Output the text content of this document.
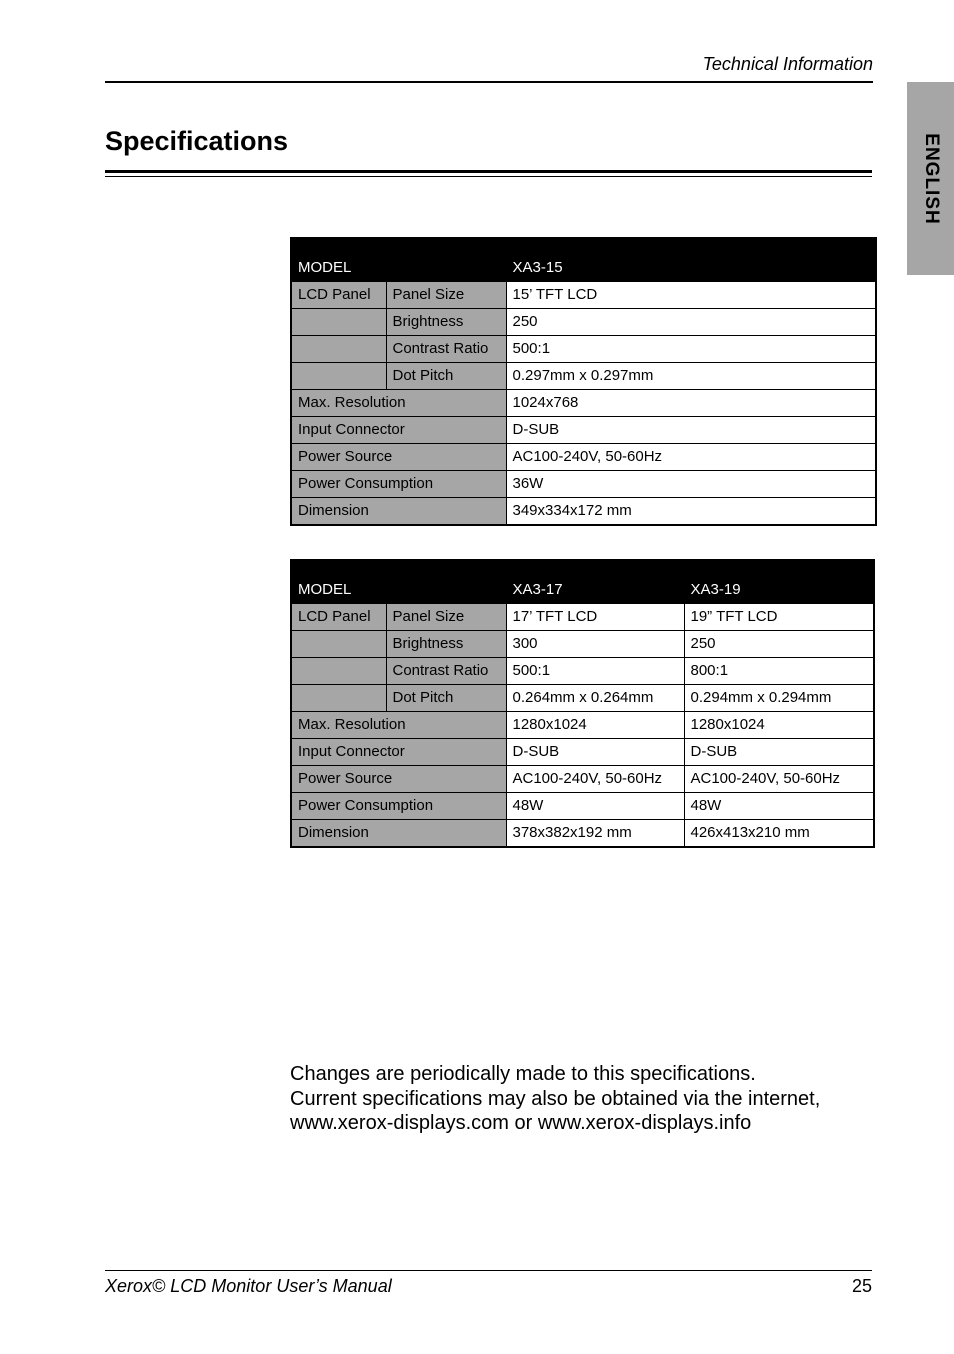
Technical Information
ENGLISH
Specifications
MODEL		XA3-15
LCD Panel	Panel Size	15’ TFT LCD
	Brightness	250
	Contrast Ratio	500:1
	Dot Pitch	0.297mm x 0.297mm
Max. Resolution		1024x768
Input Connector		D-SUB
Power Source		AC100-240V, 50-60Hz
Power Consumption		36W
Dimension		349x334x172 mm
MODEL		XA3-17	XA3-19
LCD Panel	Panel Size	17’ TFT LCD	19” TFT LCD
	Brightness	300	250
	Contrast Ratio	500:1	800:1
	Dot Pitch	0.264mm x 0.264mm	0.294mm x 0.294mm
Max. Resolution		1280x1024	1280x1024
Input Connector		D-SUB	D-SUB
Power Source		AC100-240V, 50-60Hz	AC100-240V, 50-60Hz
Power Consumption		48W	48W
Dimension		378x382x192 mm	426x413x210 mm
Changes are periodically made to this specifications.
Current specifications may also be obtained via the internet,
www.xerox-displays.com or www.xerox-displays.info
Xerox© LCD Monitor User’s Manual	25
